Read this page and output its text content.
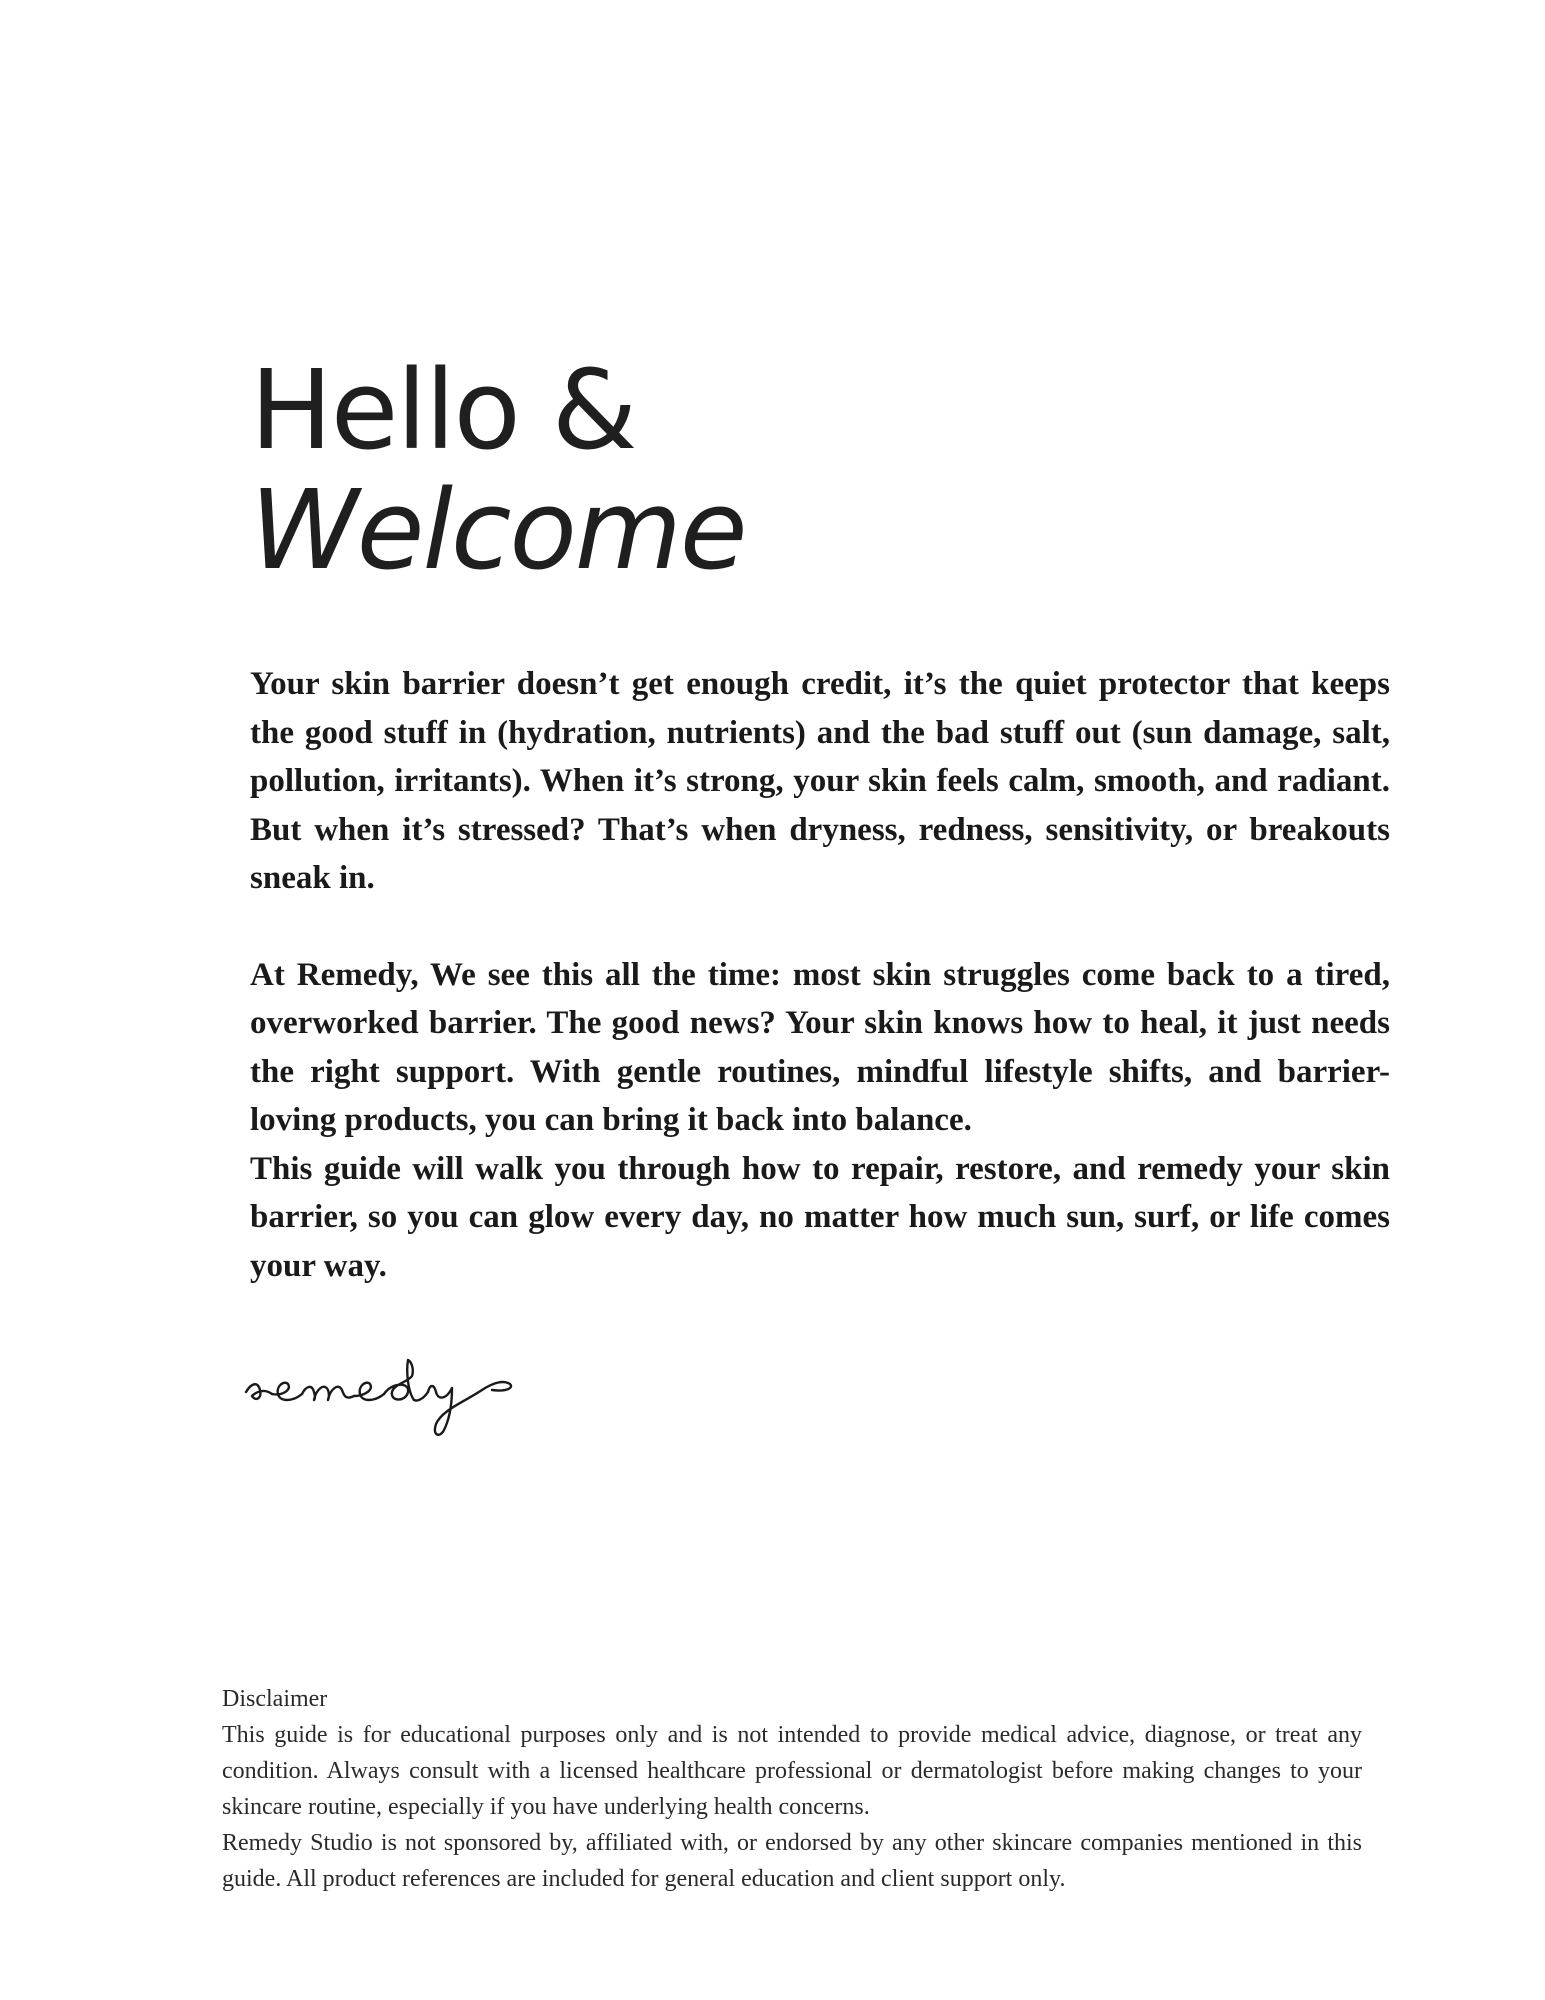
Hello &
Welcome

Your skin barrier doesn’t get enough credit, it’s the quiet protector that keeps the good stuff in (hydration, nutrients) and the bad stuff out (sun damage, salt, pollution, irritants). When it’s strong, your skin feels calm, smooth, and radiant. But when it’s stressed? That’s when dryness, redness, sensitivity, or breakouts sneak in.

At Remedy, We see this all the time: most skin struggles come back to a tired, overworked barrier. The good news? Your skin knows how to heal, it just needs the right support. With gentle routines, mindful lifestyle shifts, and barrier-loving products, you can bring it back into balance.

This guide will walk you through how to repair, restore, and remedy your skin barrier, so you can glow every day, no matter how much sun, surf, or life comes your way.

Disclaimer

This guide is for educational purposes only and is not intended to provide medical advice, diagnose, or treat any condition. Always consult with a licensed healthcare professional or dermatologist before making changes to your skincare routine, especially if you have underlying health concerns.

Remedy Studio is not sponsored by, affiliated with, or endorsed by any other skincare companies mentioned in this guide. All product references are included for general education and client support only.
